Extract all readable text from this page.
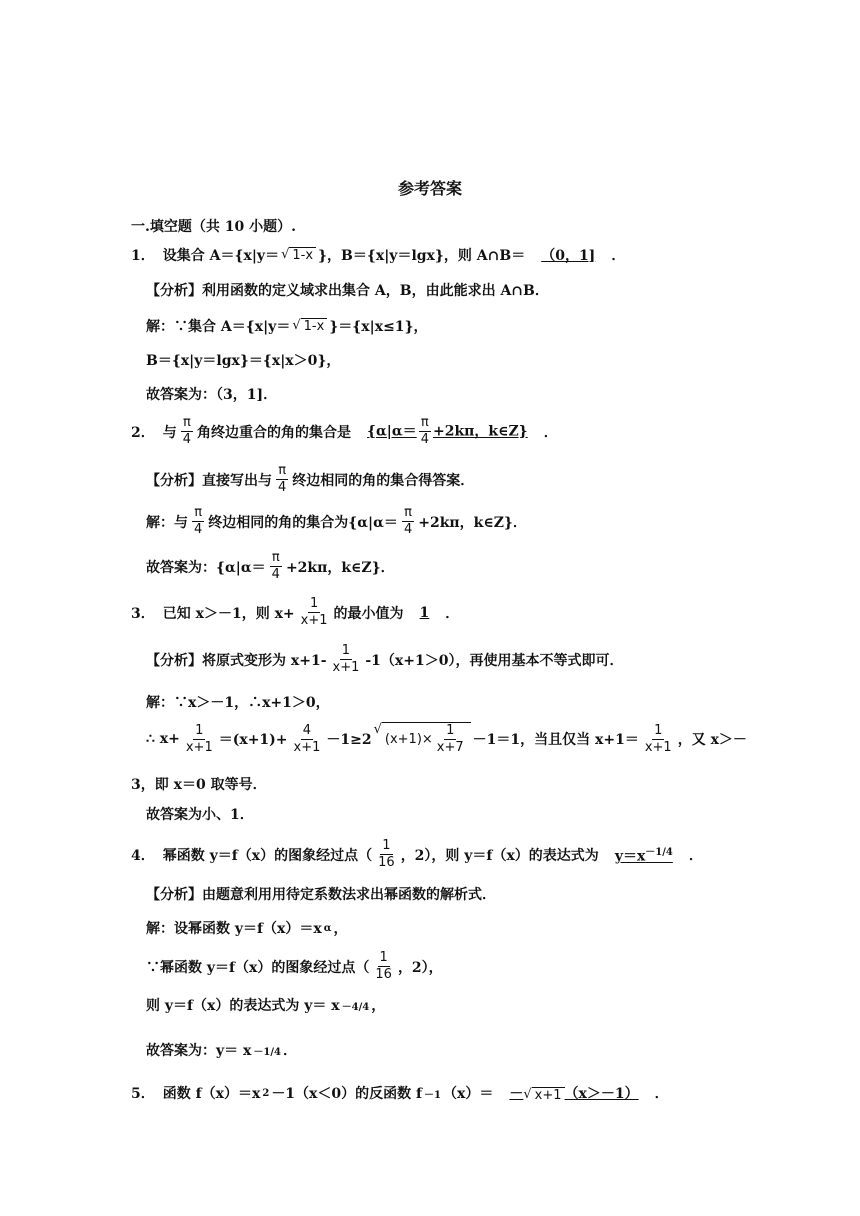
参考答案
一.填空题（共 10 小题）.
1． 设集合 A＝{x|y＝ √ 1-x }，B＝{x|y＝lgx}，则 A∩B＝	（0，1]	．
【分析】利用函数的定义域求出集合 A，B，由此能求出 A∩B．
解：∵集合 A＝{x|y＝ √ 1-x }＝{x|x≤1}，
B＝{x|y＝lgx}＝{x|x＞0}，
故答案为：（3，1]．
2． 与 $\frac{\pi}{4}$ 角终边重合的角的集合是	{$\alpha|\alpha= \frac{\pi}{4} +2k\pi$，k∈Z}	．
【分析】直接写出与 $\frac{\pi}{4}$ 终边相同的角的集合得答案．
解：与 $\frac{\pi}{4}$ 终边相同的角的集合为{$\alpha|\alpha= \frac{\pi}{4} +2k\pi$，k∈Z}．
故答案为：{$\alpha|\alpha= \frac{\pi}{4} +2k\pi$，k∈Z}．
3． 已知 x＞－1，则 $x+ \frac{1}{x+1}$ 的最小值为	1	．
【分析】将原式变形为 $x+1- \frac{1}{x+1} -1(x+1>0)$，再使用基本不等式即可．
解：∵x＞－1，∴x+1＞0，
∴ $x+ \frac{1}{x+1} =(x+1)+ \frac{4}{x+1} -1\ge 2$
√
$(x+1)\times \frac{1}{x+7} -1=1$，当且仅当 $x+1= \frac{1}{x+1}$ ，又 x＞－
3，即 x＝0 取等号．
故答案为小、1．
4． 幂函数 y＝f（x）的图象经过点（ $\frac{1}{16}$ ，2），则 y＝f（x）的表达式为	$y=x^{-1/4}$	．
【分析】由题意利用用待定系数法求出幂函数的解析式．
解：设幂函数 y＝f（x）＝x α ，
∵幂函数 y＝f（x）的图象经过点（ $\frac{1}{16}$ ，2），
则 y＝f（x）的表达式为 y＝ x －4/4 ，
故答案为：y＝ x －1/4 ．
5． 函数 f（x）＝x 2 －1（x＜0）的反函数 f －1 （x）＝	－√ x+1 （x＞－1）	．
